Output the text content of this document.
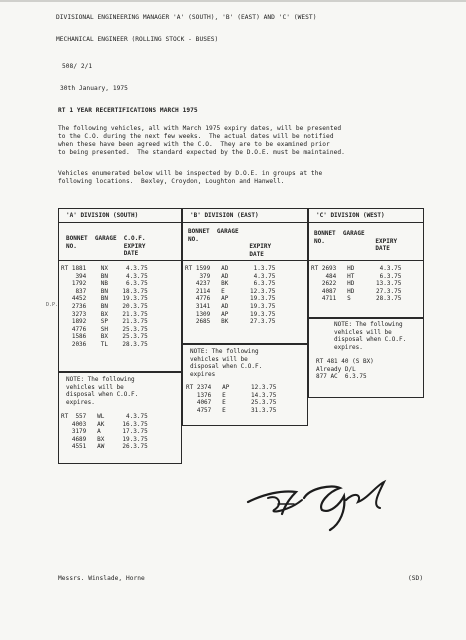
DIVISIONAL ENGINEERING MANAGER 'A' (SOUTH), 'B' (EAST) AND 'C' (WEST)
MECHANICAL ENGINEER (ROLLING STOCK - BUSES)
508/ 2/1
30th January, 1975
RT 1 YEAR RECERTIFICATIONS MARCH 1975
The following vehicles, all with March 1975 expiry dates, will be presented
to the C.O. during the next few weeks.  The actual dates will be notified
when these have been agreed with the C.O.  They are to be examined prior
to being presented.  The standard expected by the D.O.E. must be maintained.
Vehicles enumerated below will be inspected by D.O.E. in groups at the
following locations.  Bexley, Croydon, Loughton and Hanwell.
'A' DIVISION (SOUTH)
BONNET  GARAGE  C.O.F.
NO.             EXPIRY
DATE
RT 1881    NX     4.3.75
394    BN     4.3.75
1792    NB     6.3.75
837    BN    18.3.75
4452    BN    19.3.75
2736    BN    20.3.75
3273    BX    21.3.75
1892    SP    21.3.75
4776    SH    25.3.75
1586    BX    25.3.75
2036    TL    28.3.75
D.P.
NOTE: The following
vehicles will be
disposal when C.O.F.
expires.
RT  557   WL      4.3.75
4003   AK     16.3.75
3179   A      17.3.75
4689   BX     19.3.75
4551   AW     26.3.75
'B' DIVISION (EAST)
BONNET  GARAGE
NO.
EXPIRY
DATE
RT 1599   AD       1.3.75
379   AD       4.3.75
4237   BK       6.3.75
2114   E       12.3.75
4776   AP      19.3.75
3141   AD      19.3.75
1309   AP      19.3.75
2685   BK      27.3.75
NOTE: The following
vehicles will be
disposal when C.O.F.
expires
RT 2374   AP      12.3.75
1376   E       14.3.75
4067   E       25.3.75
4757   E       31.3.75
'C' DIVISION (WEST)
BONNET  GARAGE
NO.              EXPIRY
DATE
RT 2693   HD       4.3.75
484   HT       6.3.75
2622   HD      13.3.75
4087   HD      27.3.75
4711   S       28.3.75
NOTE: The following
vehicles will be
disposal when C.O.F.
expires.
RT 481 40 (S BX)
Already D/L
877 AC  6.3.75
Messrs. Winslade, Horne	(SD)
